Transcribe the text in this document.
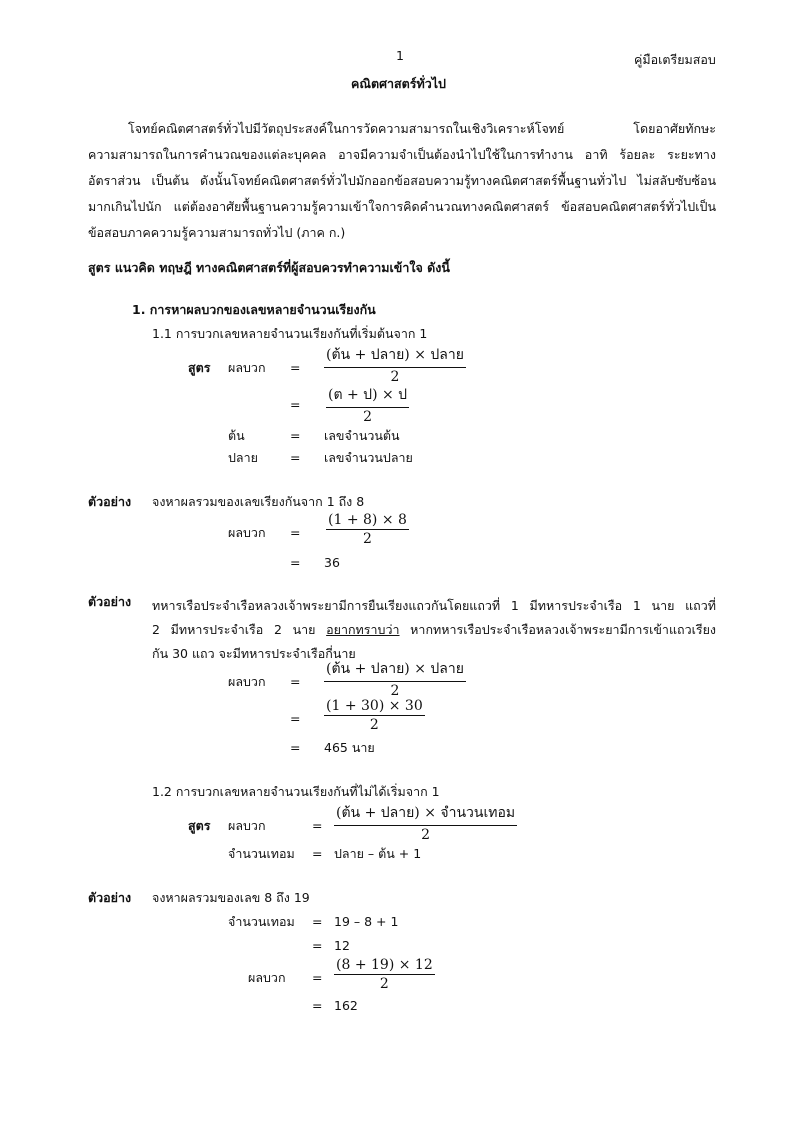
1	คู่มือเตรียมสอบ
คณิตศาสตร์ทั่วไป
โจทย์คณิตศาสตร์ทั่วไปมีวัตถุประสงค์ในการวัดความสามารถในเชิงวิเคราะห์โจทย์ โดยอาศัยทักษะ
ความสามารถในการคำนวณของแต่ละบุคคล อาจมีความจำเป็นต้องนำไปใช้ในการทำงาน อาทิ ร้อยละ ระยะทาง
อัตราส่วน เป็นต้น ดังนั้นโจทย์คณิตศาสตร์ทั่วไปมักออกข้อสอบความรู้ทางคณิตศาสตร์พื้นฐานทั่วไป ไม่สลับซับซ้อน
มากเกินไปนัก แต่ต้องอาศัยพื้นฐานความรู้ความเข้าใจการคิดคำนวณทางคณิตศาสตร์ ข้อสอบคณิตศาสตร์ทั่วไปเป็น
ข้อสอบภาคความรู้ความสามารถทั่วไป (ภาค ก.)
สูตร แนวคิด ทฤษฎี ทางคณิตศาสตร์ที่ผู้สอบควรทำความเข้าใจ ดังนี้
1. การหาผลบวกของเลขหลายจำนวนเรียงกัน
1.1 การบวกเลขหลายจำนวนเรียงกันที่เริ่มต้นจาก 1
สูตร ผลบวก =
(ต้น + ปลาย) × ปลาย
2
=
(ต + ป) × ป
2
ต้น	= เลขจำนวนต้น
ปลาย	= เลขจำนวนปลาย
ตัวอย่าง จงหาผลรวมของเลขเรียงกันจาก 1 ถึง 8
ผลบวก = $\frac{(1 + 8) \times 8}{2}$
= 36
ตัวอย่าง ทหารเรือประจำเรือหลวงเจ้าพระยามีการยืนเรียงแถวกันโดยแถวที่ 1 มีทหารประจำเรือ 1 นาย แถวที่
2 มีทหารประจำเรือ 2 นาย อยากทราบว่า หากทหารเรือประจำเรือหลวงเจ้าพระยามีการเข้าแถวเรียง
กัน 30 แถว จะมีทหารประจำเรือกี่นาย
ผลบวก =
(ต้น + ปลาย) × ปลาย
2
= $\frac{(1 + 30) \times 30}{2}$
= 465 นาย
1.2 การบวกเลขหลายจำนวนเรียงกันที่ไม่ได้เริ่มจาก 1
สูตร ผลบวก	=
(ต้น + ปลาย) × จำนวนเทอม
2
จำนวนเทอม = ปลาย – ต้น + 1
ตัวอย่าง จงหาผลรวมของเลข 8 ถึง 19
จำนวนเทอม = 19 – 8 + 1
= 12
ผลบวก = $\frac{(8 + 19) \times 12}{2}$
= 162
